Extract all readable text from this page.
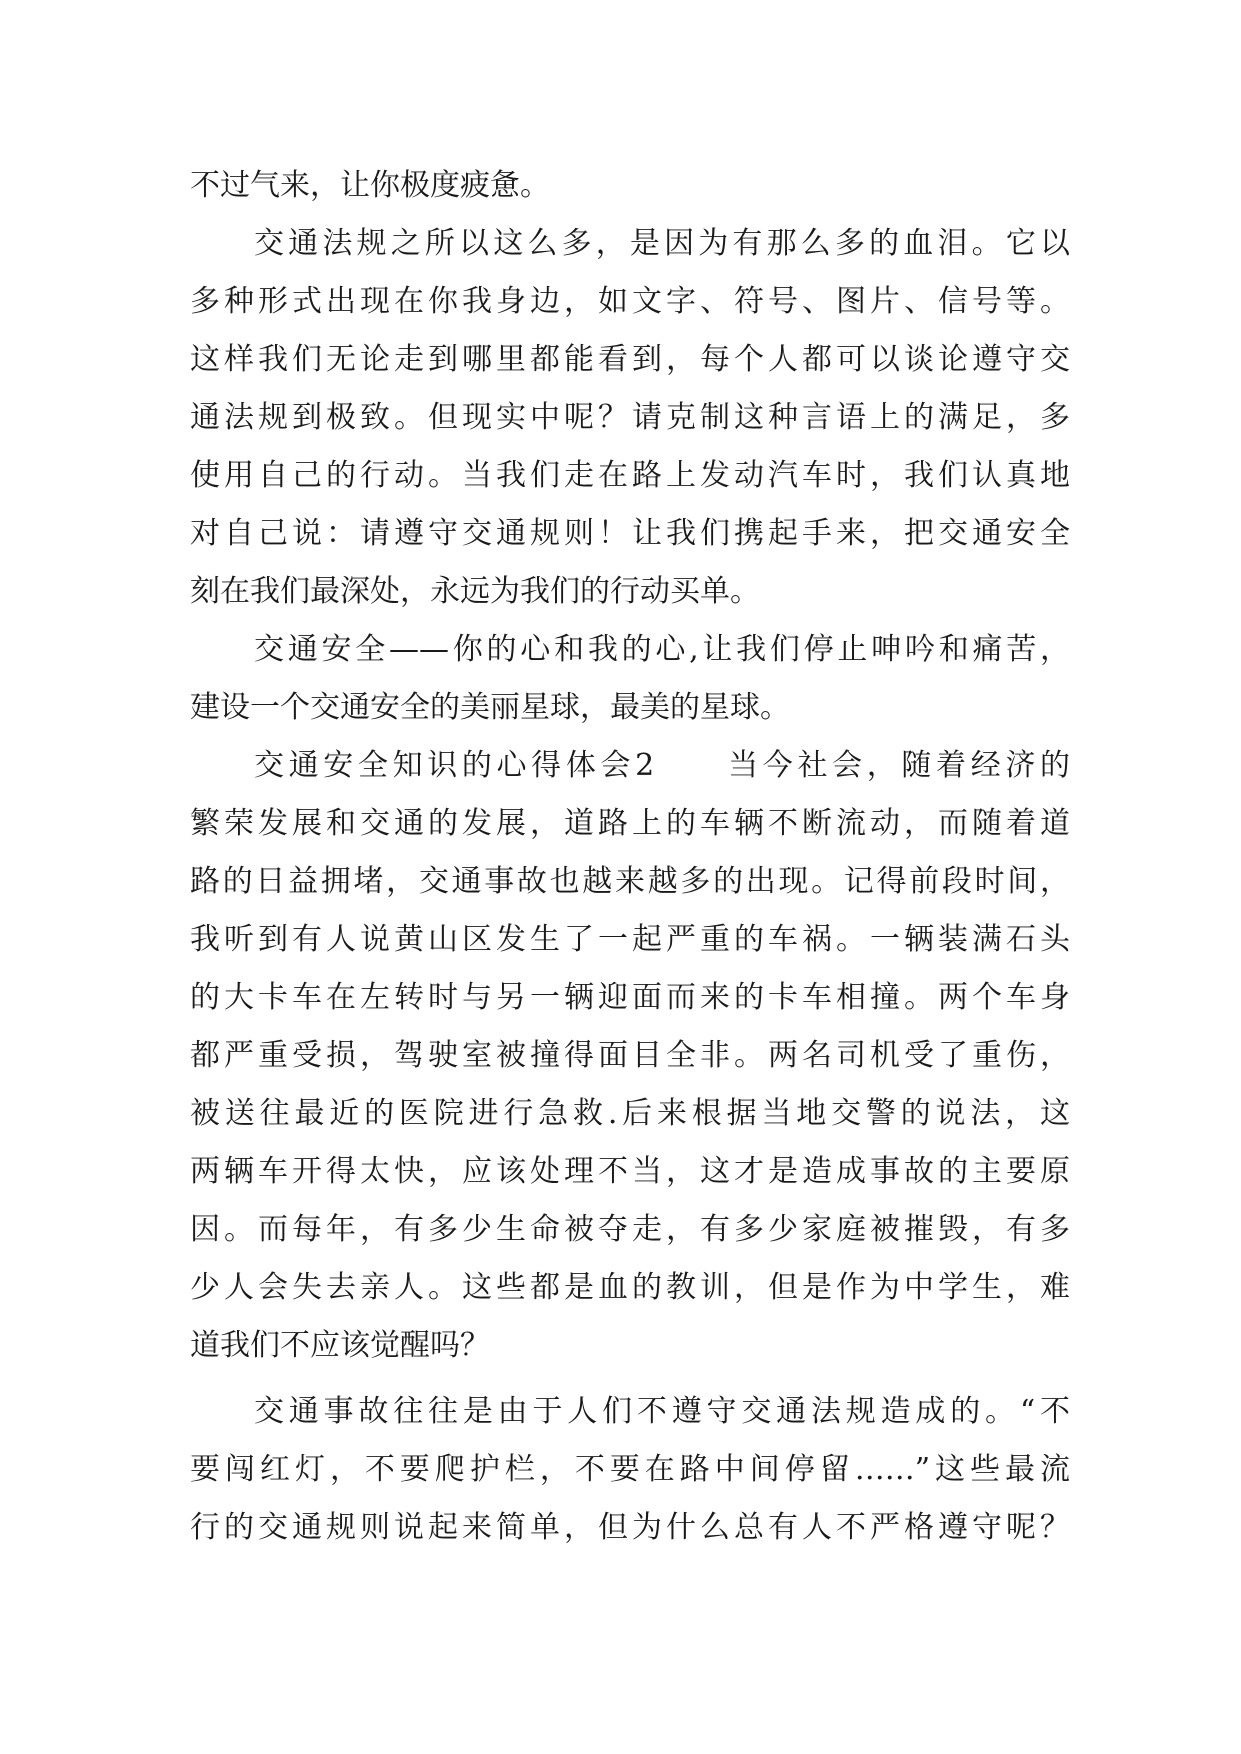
不过气来，让你极度疲惫。
交通法规之所以这么多，是因为有那么多的血泪。它以
多种形式出现在你我身边，如文字、符号、图片、信号等。
这样我们无论走到哪里都能看到，每个人都可以谈论遵守交
通法规到极致。但现实中呢？请克制这种言语上的满足，多
使用自己的行动。当我们走在路上发动汽车时，我们认真地
对自己说：请遵守交通规则！让我们携起手来，把交通安全
刻在我们最深处，永远为我们的行动买单。
交通安全——你的心和我的心,让我们停止呻吟和痛苦，
建设一个交通安全的美丽星球，最美的星球。
交通安全知识的心得体会2　　当今社会，随着经济的
繁荣发展和交通的发展，道路上的车辆不断流动，而随着道
路的日益拥堵，交通事故也越来越多的出现。记得前段时间，
我听到有人说黄山区发生了一起严重的车祸。一辆装满石头
的大卡车在左转时与另一辆迎面而来的卡车相撞。两个车身
都严重受损，驾驶室被撞得面目全非。两名司机受了重伤，
被送往最近的医院进行急救.后来根据当地交警的说法，这
两辆车开得太快，应该处理不当，这才是造成事故的主要原
因。而每年，有多少生命被夺走，有多少家庭被摧毁，有多
少人会失去亲人。这些都是血的教训，但是作为中学生，难
道我们不应该觉醒吗？
交通事故往往是由于人们不遵守交通法规造成的。“不
要闯红灯，不要爬护栏，不要在路中间停留……”这些最流
行的交通规则说起来简单，但为什么总有人不严格遵守呢？
